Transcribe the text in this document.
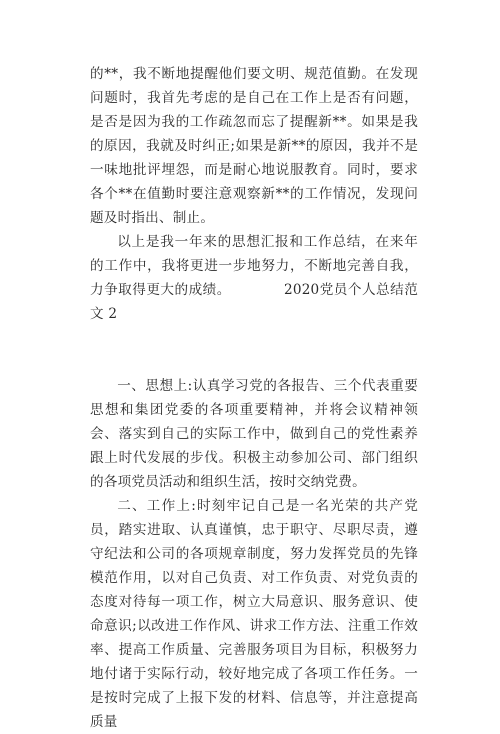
的**，我不断地提醒他们要文明、规范值勤。在发现问题时，我首先考虑的是自己在工作上是否有问题，是否是因为我的工作疏忽而忘了提醒新**。如果是我的原因，我就及时纠正;如果是新**的原因，我并不是一味地批评埋怨，而是耐心地说服教育。同时，要求各个**在值勤时要注意观察新**的工作情况，发现问题及时指出、制止。

以上是我一年来的思想汇报和工作总结，在来年的工作中，我将更进一步地努力，不断地完善自我，力争取得更大的成绩。	2020党员个人总结范文 2

一、思想上:认真学习党的各报告、三个代表重要思想和集团党委的各项重要精神，并将会议精神领会、落实到自己的实际工作中，做到自己的党性素养跟上时代发展的步伐。积极主动参加公司、部门组织的各项党员活动和组织生活，按时交纳党费。

二、工作上:时刻牢记自己是一名光荣的共产党员，踏实进取、认真谨慎，忠于职守、尽职尽责，遵守纪法和公司的各项规章制度，努力发挥党员的先锋模范作用，以对自己负责、对工作负责、对党负责的态度对待每一项工作，树立大局意识、服务意识、使命意识;以改进工作作风、讲求工作方法、注重工作效率、提高工作质量、完善服务项目为目标，积极努力地付诸于实际行动，较好地完成了各项工作任务。一是按时完成了上报下发的材料、信息等，并注意提高质量
